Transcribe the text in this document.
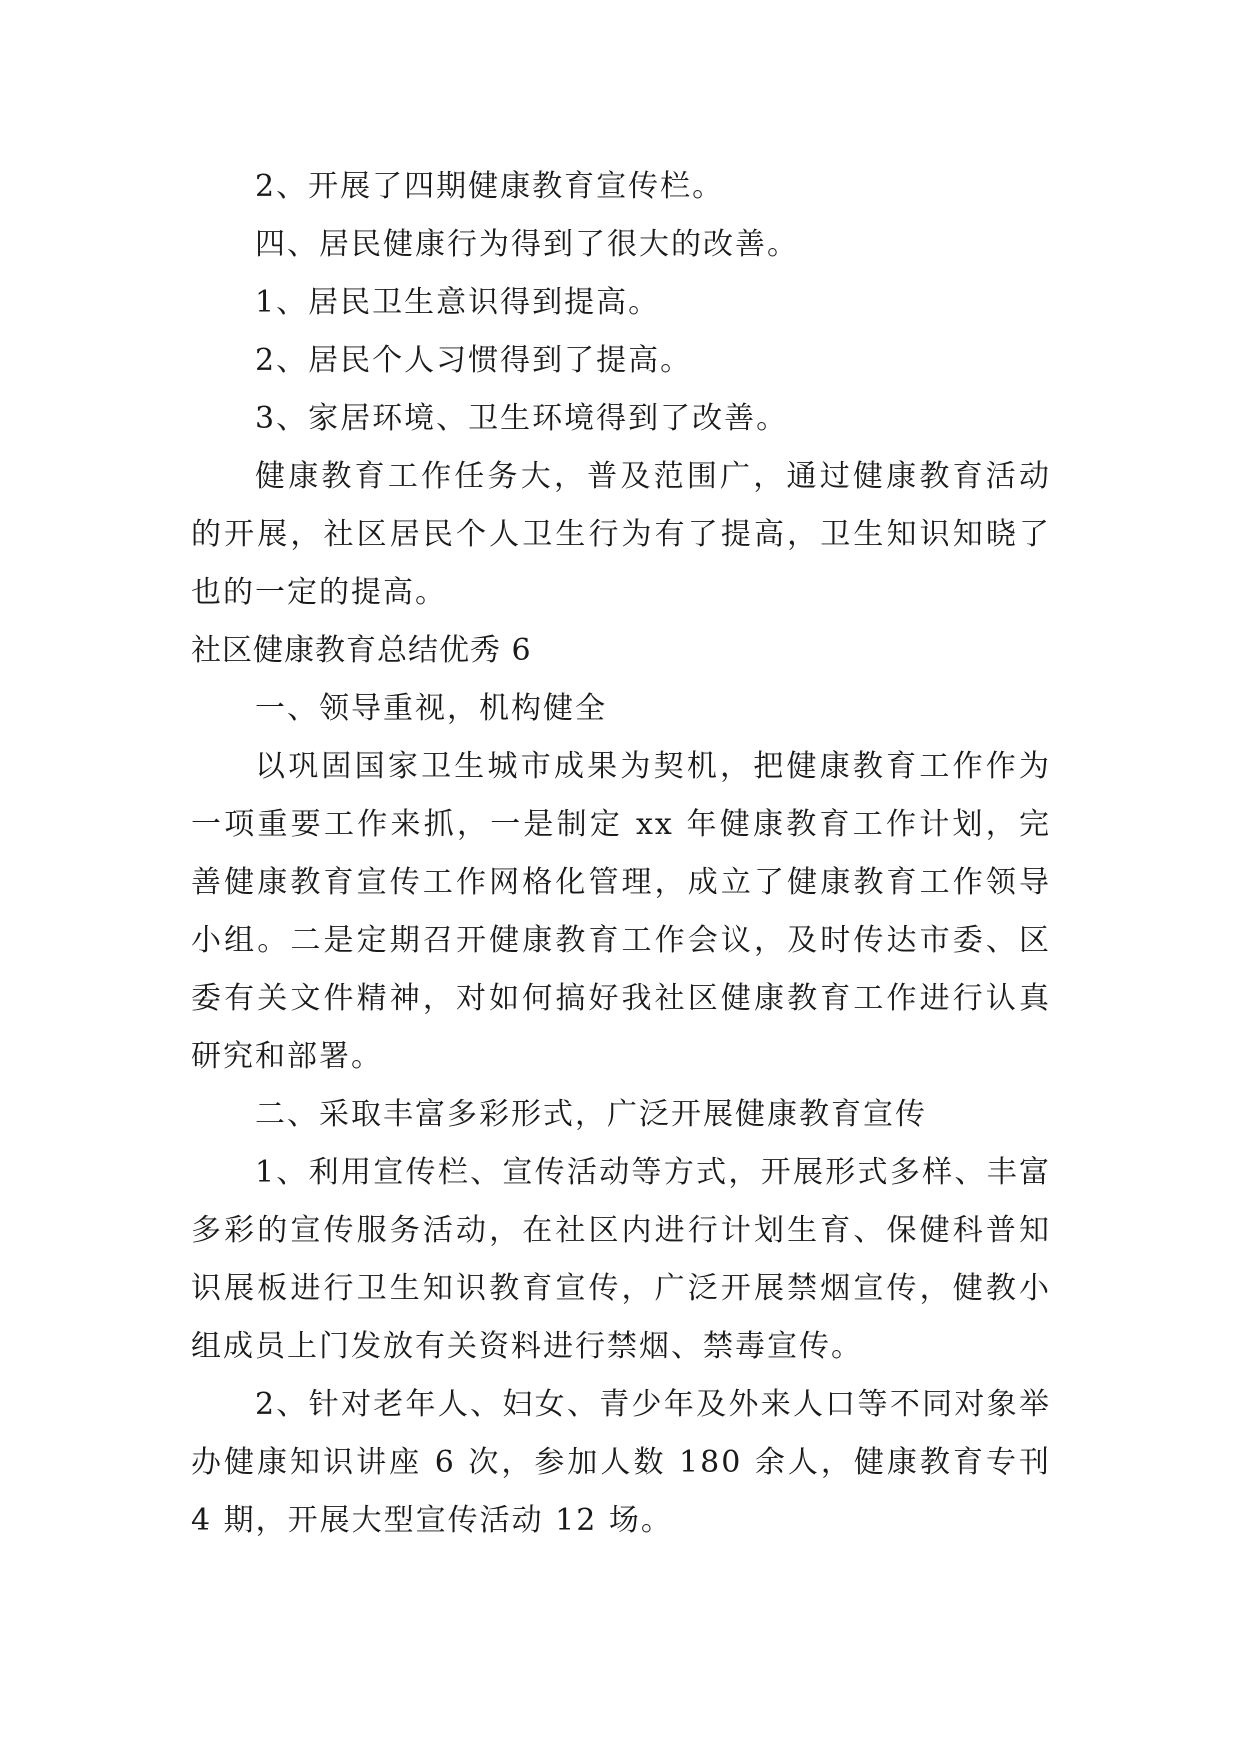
2、开展了四期健康教育宣传栏。

四、居民健康行为得到了很大的改善。

1、居民卫生意识得到提高。

2、居民个人习惯得到了提高。

3、家居环境、卫生环境得到了改善。

健康教育工作任务大，普及范围广，通过健康教育活动的开展，社区居民个人卫生行为有了提高，卫生知识知晓了也的一定的提高。

社区健康教育总结优秀 6

一、领导重视，机构健全

以巩固国家卫生城市成果为契机，把健康教育工作作为一项重要工作来抓，一是制定 xx 年健康教育工作计划，完善健康教育宣传工作网格化管理，成立了健康教育工作领导小组。二是定期召开健康教育工作会议，及时传达市委、区委有关文件精神，对如何搞好我社区健康教育工作进行认真研究和部署。

二、采取丰富多彩形式，广泛开展健康教育宣传

1、利用宣传栏、宣传活动等方式，开展形式多样、丰富多彩的宣传服务活动，在社区内进行计划生育、保健科普知识展板进行卫生知识教育宣传，广泛开展禁烟宣传，健教小组成员上门发放有关资料进行禁烟、禁毒宣传。

2、针对老年人、妇女、青少年及外来人口等不同对象举办健康知识讲座 6 次，参加人数 180 余人，健康教育专刊 4 期，开展大型宣传活动 12 场。
